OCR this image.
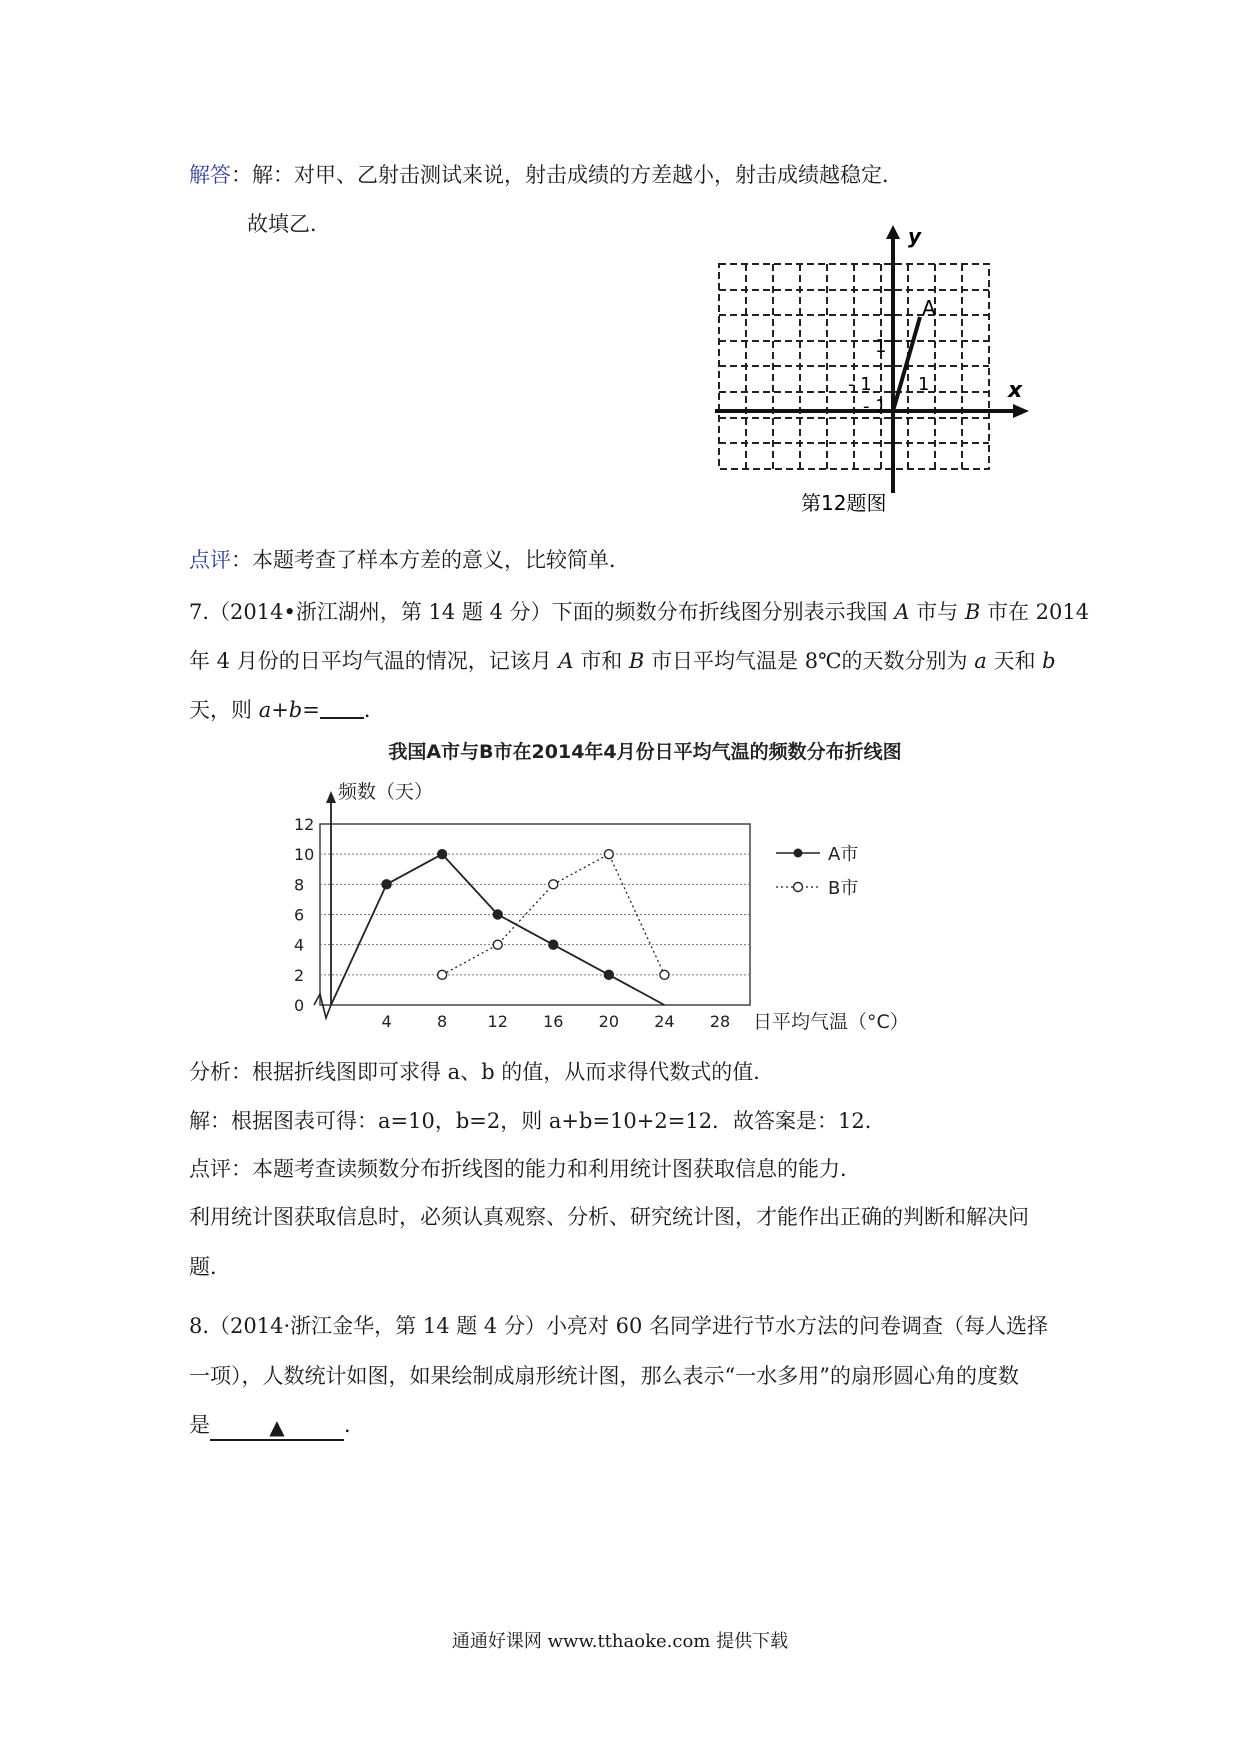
解答：解：对甲、乙射击测试来说，射击成绩的方差越小，射击成绩越稳定．
故填乙．	y
x
A
1
- 1	1
- 1
第12题图
点评：本题考查了样本方差的意义，比较简单．
7.（2014•浙江湖州，第 14 题 4 分）下面的频数分布折线图分别表示我国 A 市与 B 市在 2014
年 4 月份的日平均气温的情况，记该月 A 市和 B 市日平均气温是 8℃的天数分别为 a 天和 b
天，则 a+b= ．
我国A市与B市在2014年4月份日平均气温的频数分布折线图
0
2
4
6
8
10
12
4	8	12 16 20 24 28
频数（天）
日平均气温（°C）
A市
B市
分析：根据折线图即可求得 a、b 的值，从而求得代数式的值．
解：根据图表可得：a=10，b=2，则 a+b=10+2=12．故答案是：12．
点评：本题考查读频数分布折线图的能力和利用统计图获取信息的能力．
利用统计图获取信息时，必须认真观察、分析、研究统计图，才能作出正确的判断和解决问
题．
8.（2014·浙江金华，第 14 题 4 分）小亮对 60 名同学进行节水方法的问卷调查（每人选择
一项），人数统计如图，如果绘制成扇形统计图，那么表示“一水多用”的扇形圆心角的度数
是	▲	．
通通好课网 www.tthaoke.com 提供下载
